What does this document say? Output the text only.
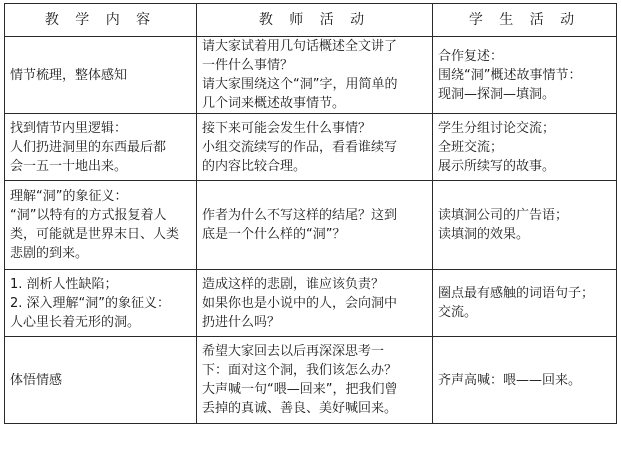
教 学 内 容	教 师 活 动	学 生 活 动

情节梳理，整体感知	请大家试着用几句话概述全文讲了
一件什么事情？
请大家围绕这个“洞”字，用简单的
几个词来概述故事情节。	合作复述：
围绕“洞”概述故事情节：
现洞—探洞—填洞。

找到情节内里逻辑：
人们扔进洞里的东西最后都
会一五一十地出来。	接下来可能会发生什么事情？
小组交流续写的作品，看看谁续写
的内容比较合理。	学生分组讨论交流；
全班交流；
展示所续写的故事。

理解“洞”的象征义：
“洞”以特有的方式报复着人
类，可能就是世界末日、人类
悲剧的到来。	作者为什么不写这样的结尾？这到
底是一个什么样的“洞”？	读填洞公司的广告语；
读填洞的效果。

1. 剖析人性缺陷；
2. 深入理解“洞”的象征义：
人心里长着无形的洞。	造成这样的悲剧，谁应该负责？
如果你也是小说中的人，会向洞中
扔进什么吗？	圈点最有感触的词语句子；
交流。

体悟情感	希望大家回去以后再深深思考一
下：面对这个洞，我们该怎么办？
大声喊一句“喂—回来”，把我们曾
丢掉的真诚、善良、美好喊回来。	齐声高喊：喂——回来。
